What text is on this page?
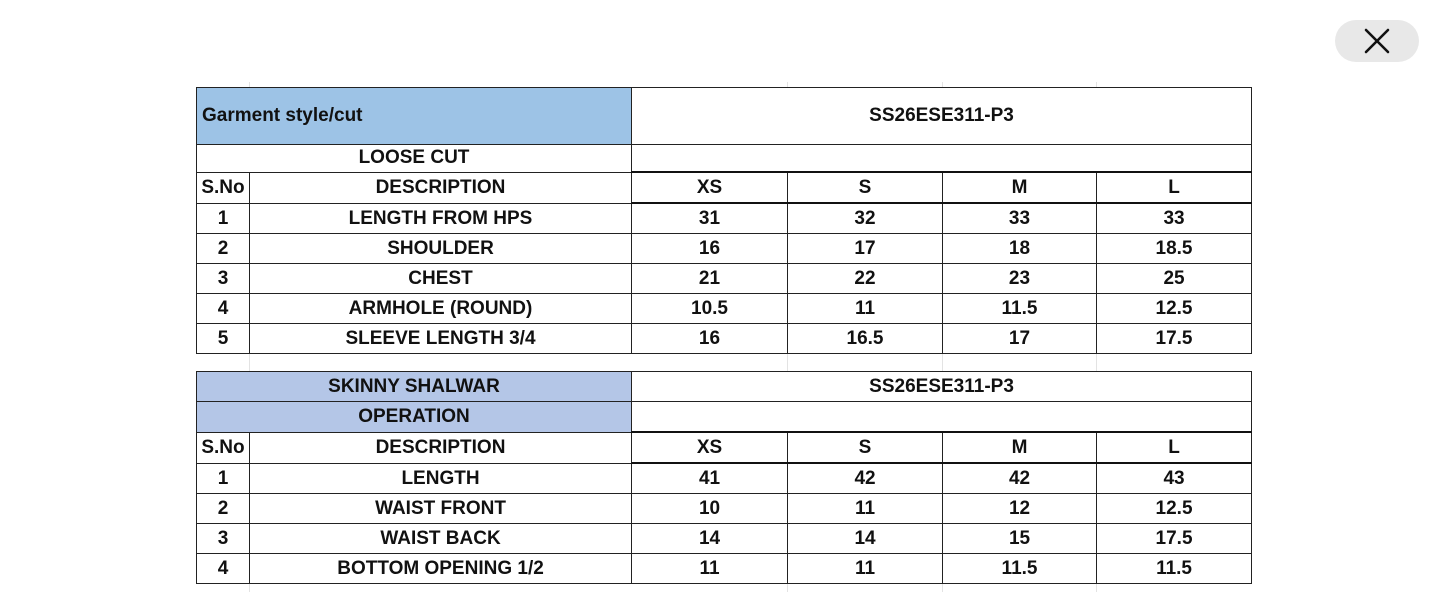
Garment style/cut		SS26ESE311-P3			
LOOSE CUT					
S.No	DESCRIPTION	XS	S	M	L
1	LENGTH FROM HPS	31	32	33	33
2	SHOULDER	16	17	18	18.5
3	CHEST	21	22	23	25
4	ARMHOLE (ROUND)	10.5	11	11.5	12.5
5	SLEEVE LENGTH 3/4	16	16.5	17	17.5
SKINNY SHALWAR		SS26ESE311-P3			
OPERATION					
S.No	DESCRIPTION	XS	S	M	L
1	LENGTH	41	42	42	43
2	WAIST FRONT	10	11	12	12.5
3	WAIST BACK	14	14	15	17.5
4	BOTTOM OPENING 1/2	11	11	11.5	11.5
